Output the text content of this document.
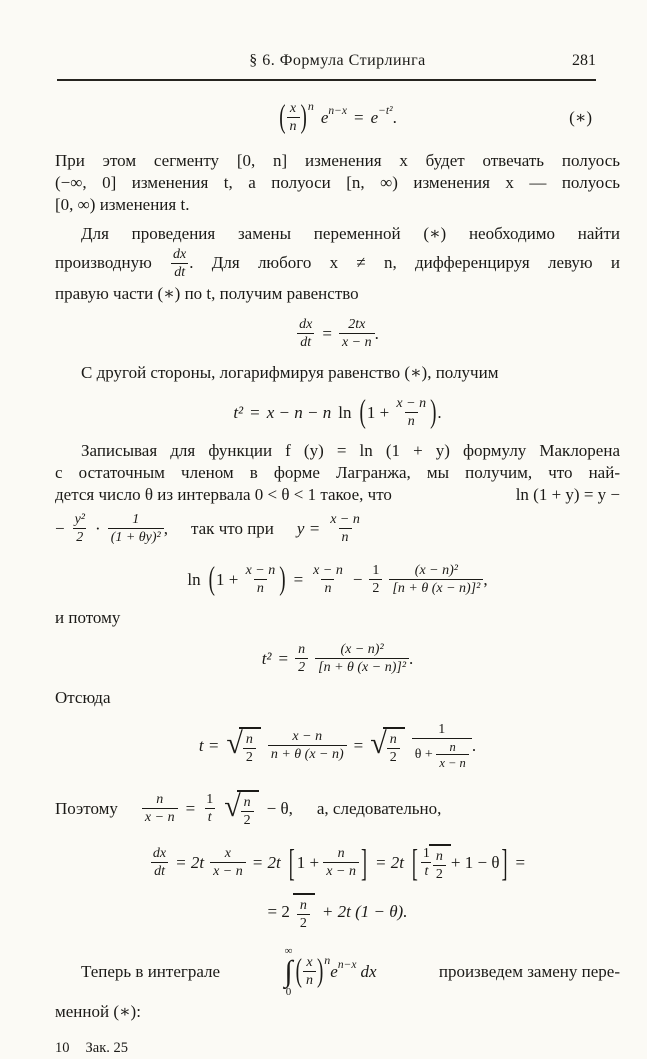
§ 6. Формула Стирлинга	281
( $\frac{x}{n}$ ) n
e n−x = e −t² .	(∗)
При этом сегменту [0, n] изменения x будет отвечать полуось
(−∞, 0] изменения t, а полуоси [n, ∞) изменения x — полуось
[0, ∞) изменения t.
Для проведения замены переменной (∗) необходимо найти
производную $\frac{dx}{dt}$ . Для любого x ≠ n, дифференцируя левую и
правую части (∗) по t, получим равенство
$\frac{dx}{dt} = \frac{2tx}{x - n}$ .
С другой стороны, логарифмируя равенство (∗), получим
t² = x − n − n ln ( 1 +
$\frac{x - n}{n}$ ) .
Записывая для функции f (y) = ln (1 + y) формулу Маклорена
с остаточным членом в форме Лагранжа, мы получим, что най-
дется число θ из интервала 0 < θ < 1 такое, что	ln (1 + y) = y −
− $\frac{\text{y²}}{2} \cdot \frac{1}{\text{(1 + θy)²}}$ , так что при $y = \frac{x - n}{n}$
ln ( 1 +
$\frac{x - n}{n}$ ) = $\frac{x - n}{n} - \frac{1}{2} \frac{\text{(x − n)²}}{\text{[n + θ (x − n)]²}}$ ,
и потому
$t^2 = \frac{n}{2} \frac{\text{(x − n)²}}{\text{[n + θ (x − n)]²}}$ .
Отсюда
t = √ $\frac{n}{2} \frac{x - n}{n + \theta (x - n)}$ = √ $\frac{n}{2} 1$
θ +
$\frac{n}{x - n}$ .
Поэтому $\frac{n}{x - n} = \frac{1}{t}$ √ $\frac{n}{2} - \theta$, а, следовательно,
$\frac{dx}{dt} = 2t \frac{x}{x - n} = 2t$ [ 1 +
$\frac{n}{x - n}$ ] = 2t [ $\frac{1}{t} \frac{n}{2} + 1 - \theta$ ] =
= $2 \frac{n}{2} + 2t$ (1 − θ).
Теперь в интеграле
∞
∫
0
( $\frac{x}{n}$ ) n
e n−x dx	произведем замену пере-
менной (∗):
10 Зак. 25
